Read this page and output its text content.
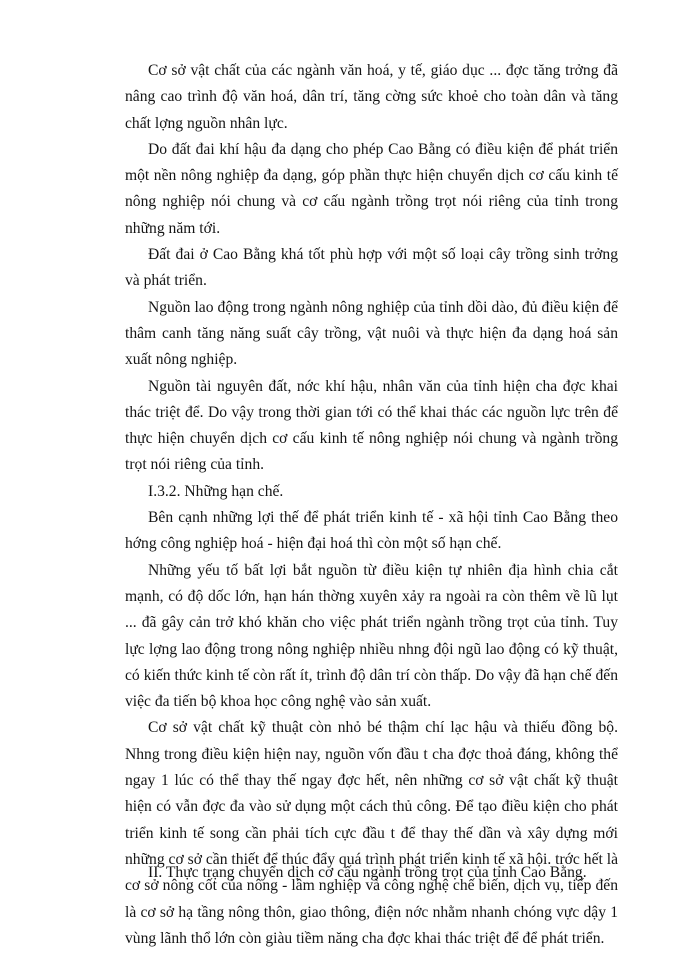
Cơ sở vật chất của các ngành văn hoá, y tế, giáo dục ... đợc tăng trởng đã nâng cao trình độ văn hoá, dân trí, tăng cờng sức khoẻ cho toàn dân và tăng chất lợng nguồn nhân lực.

Do đất đai khí hậu đa dạng cho phép Cao Bằng có điều kiện để phát triển một nền nông nghiệp đa dạng, góp phần thực hiện chuyển dịch cơ cấu kinh tế nông nghiệp nói chung và cơ cấu ngành trồng trọt nói riêng của tỉnh trong những năm tới.

Đất đai ở Cao Bằng khá tốt phù hợp với một số loại cây trồng sinh trởng và phát triển.

Nguồn lao động trong ngành nông nghiệp của tỉnh dồi dào, đủ điều kiện để thâm canh tăng năng suất cây trồng, vật nuôi và thực hiện đa dạng hoá sản xuất nông nghiệp.

Nguồn tài nguyên đất, nớc khí hậu, nhân văn của tỉnh hiện cha đợc khai thác triệt để. Do vậy trong thời gian tới có thể khai thác các nguồn lực trên để thực hiện chuyển dịch cơ cấu kinh tế nông nghiệp nói chung và ngành trồng trọt nói riêng của tỉnh.

I.3.2. Những hạn chế.

Bên cạnh những lợi thế để phát triển kinh tế - xã hội tỉnh Cao Bằng theo hớng công nghiệp hoá - hiện đại hoá thì còn một số hạn chế.

Những yếu tố bất lợi bắt nguồn từ điều kiện tự nhiên địa hình chia cắt mạnh, có độ dốc lớn, hạn hán thờng xuyên xảy ra ngoài ra còn thêm về lũ lụt ... đã gây cản trở khó khăn cho việc phát triển ngành trồng trọt của tỉnh. Tuy lực lợng lao động trong nông nghiệp nhiều nhng đội ngũ lao động có kỹ thuật, có kiến thức kinh tế còn rất ít, trình độ dân trí còn thấp. Do vậy đã hạn chế đến việc đa tiến bộ khoa học công nghệ vào sản xuất.

Cơ sở vật chất kỹ thuật còn nhỏ bé thậm chí lạc hậu và thiếu đồng bộ. Nhng trong điều kiện hiện nay, nguồn vốn đầu t cha đợc thoả đáng, không thể ngay 1 lúc có thể thay thế ngay đợc hết, nên những cơ sở vật chất kỹ thuật hiện có vẫn đợc đa vào sử dụng một cách thủ công. Để tạo điều kiện cho phát triển kinh tế song cần phải tích cực đầu t để thay thế dần và xây dựng mới những cơ sở cần thiết để thúc đẩy quá trình phát triển kinh tế xã hội. trớc hết là cơ sở nông cốt của nông - lâm nghiệp và công nghệ chế biến, dịch vụ, tiếp đến là cơ sở hạ tầng nông thôn, giao thông, điện nớc nhằm nhanh chóng vực dậy 1 vùng lãnh thổ lớn còn giàu tiềm năng cha đợc khai thác triệt để để phát triển.

II. Thực trạng chuyển dịch cơ cấu ngành trồng trọt của tỉnh Cao Bằng.
